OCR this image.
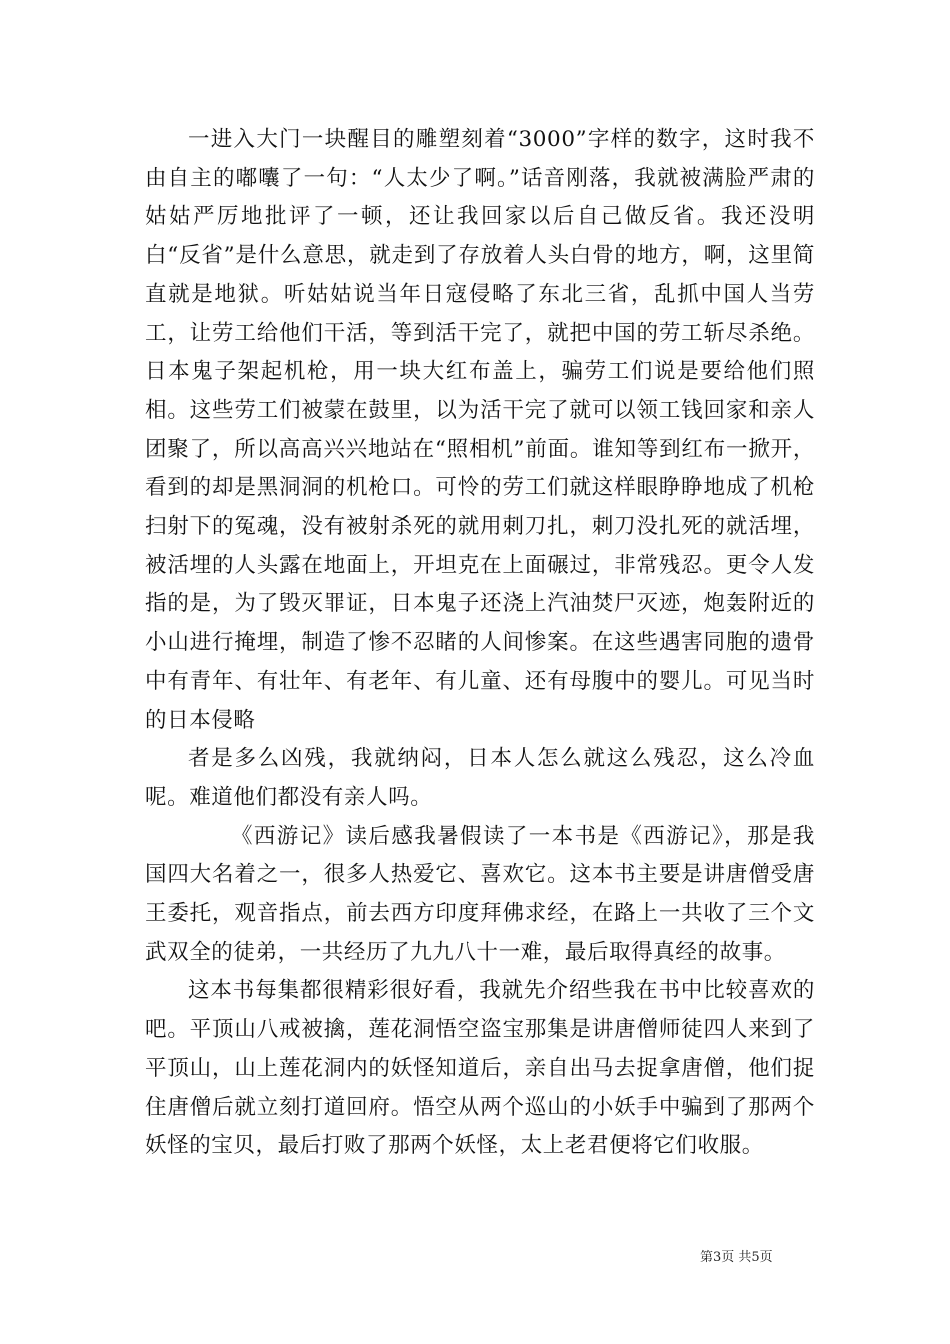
一进入大门一块醒目的雕塑刻着“3000”字样的数字，这时我不由自主的嘟囔了一句：“人太少了啊。”话音刚落，我就被满脸严肃的姑姑严厉地批评了一顿，还让我回家以后自己做反省。我还没明白“反省”是什么意思，就走到了存放着人头白骨的地方，啊，这里简直就是地狱。听姑姑说当年日寇侵略了东北三省，乱抓中国人当劳工，让劳工给他们干活，等到活干完了，就把中国的劳工斩尽杀绝。日本鬼子架起机枪，用一块大红布盖上，骗劳工们说是要给他们照相。这些劳工们被蒙在鼓里，以为活干完了就可以领工钱回家和亲人团聚了，所以高高兴兴地站在“照相机”前面。谁知等到红布一掀开，看到的却是黑洞洞的机枪口。可怜的劳工们就这样眼睁睁地成了机枪扫射下的冤魂，没有被射杀死的就用刺刀扎，刺刀没扎死的就活埋，被活埋的人头露在地面上，开坦克在上面碾过，非常残忍。更令人发指的是，为了毁灭罪证，日本鬼子还浇上汽油焚尸灭迹，炮轰附近的小山进行掩埋，制造了惨不忍睹的人间惨案。在这些遇害同胞的遗骨中有青年、有壮年、有老年、有儿童、还有母腹中的婴儿。可见当时的日本侵略

者是多么凶残，我就纳闷，日本人怎么就这么残忍，这么冷血呢。难道他们都没有亲人吗。

《西游记》读后感我暑假读了一本书是《西游记》，那是我国四大名着之一，很多人热爱它、喜欢它。这本书主要是讲唐僧受唐王委托，观音指点，前去西方印度拜佛求经，在路上一共收了三个文武双全的徒弟，一共经历了九九八十一难，最后取得真经的故事。

这本书每集都很精彩很好看，我就先介绍些我在书中比较喜欢的吧。平顶山八戒被擒，莲花洞悟空盗宝那集是讲唐僧师徒四人来到了平顶山，山上莲花洞内的妖怪知道后，亲自出马去捉拿唐僧，他们捉住唐僧后就立刻打道回府。悟空从两个巡山的小妖手中骗到了那两个妖怪的宝贝，最后打败了那两个妖怪，太上老君便将它们收服。

第3页 共5页
